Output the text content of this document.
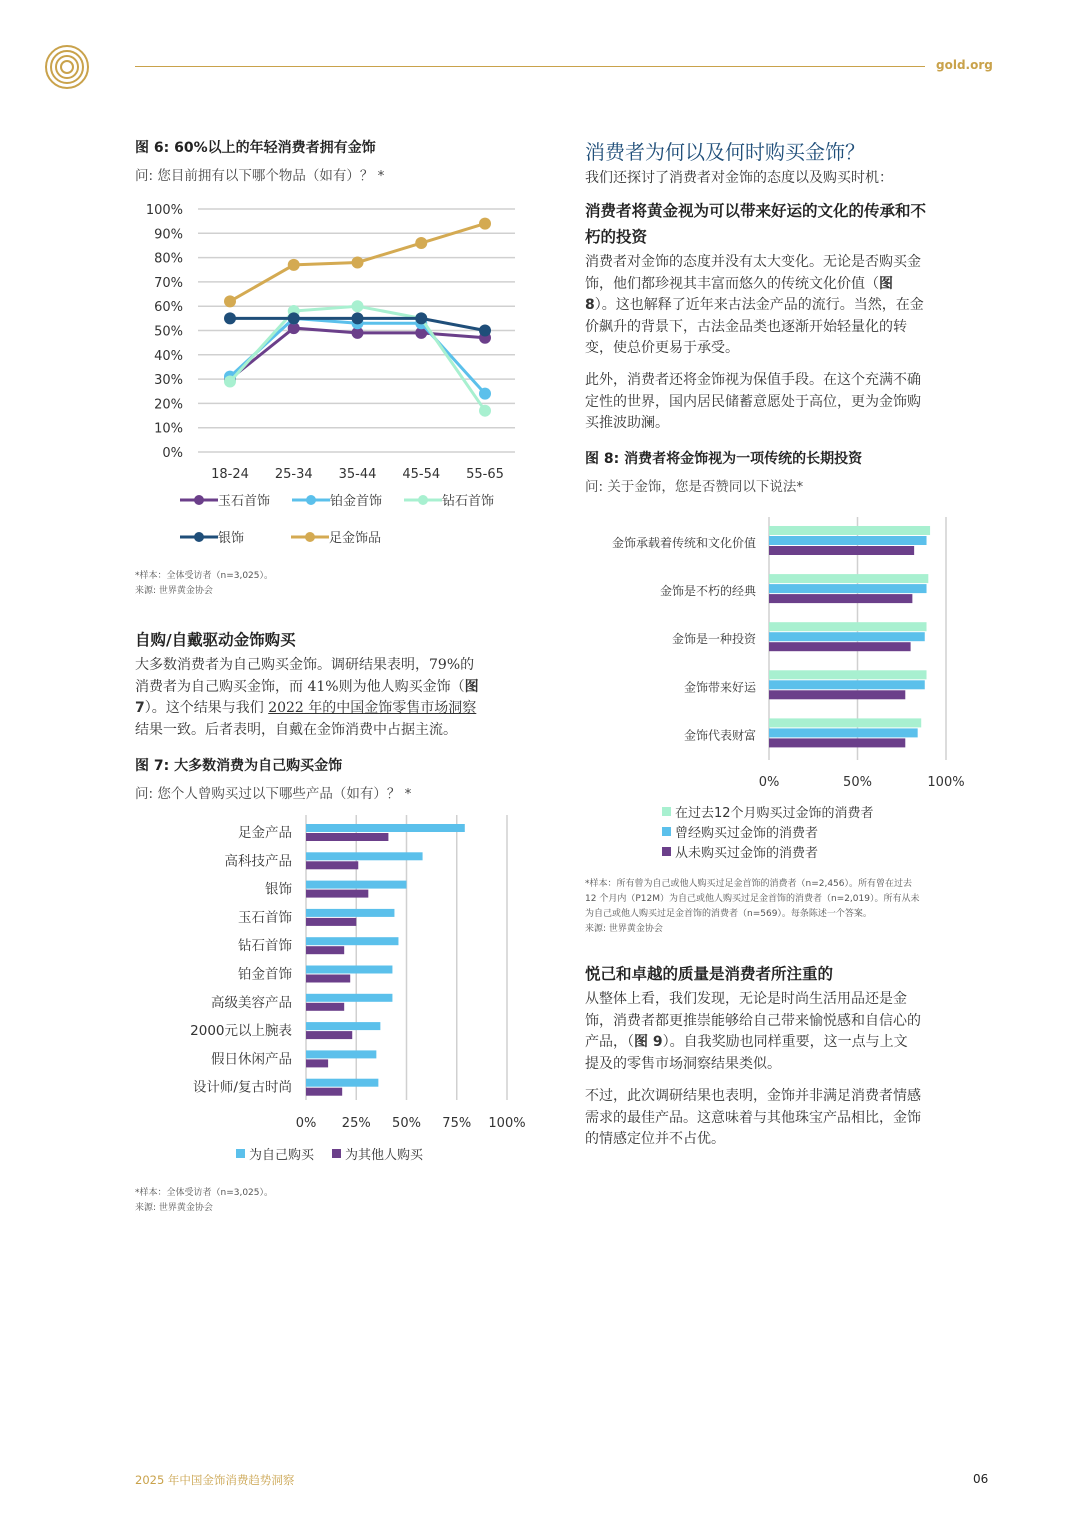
gold.org
图 6: 60%以上的年轻消费者拥有金饰
问: 您目前拥有以下哪个物品（如有）？ *
0%
10%
20%
30%
40%
50%
60%
70%
80%
90%
100%
18-24 25-34 35-44 45-54 55-65
玉石首饰	铂金首饰	钻石首饰
银饰	足金饰品
*样本：全体受访者（n=3,025）。
来源: 世界黄金协会
自购/自戴驱动金饰购买
大多数消费者为自己购买金饰。调研结果表明，79%的
消费者为自己购买金饰，而 41%则为他人购买金饰（图
7）。这个结果与我们 2022 年的中国金饰零售市场洞察
结果一致。后者表明，自戴在金饰消费中占据主流。
图 7: 大多数消费为自己购买金饰
问: 您个人曾购买过以下哪些产品（如有）？ *
0% 25% 50% 75% 100%
足金产品
高科技产品
银饰
玉石首饰
钻石首饰
铂金首饰
高级美容产品
2000元以上腕表
假日休闲产品
设计师/复古时尚
为自己购买 为其他人购买
*样本：全体受访者（n=3,025）。
来源: 世界黄金协会
消费者为何以及何时购买金饰？
我们还探讨了消费者对金饰的态度以及购买时机：
消费者将黄金视为可以带来好运的文化的传承和不
朽的投资
消费者对金饰的态度并没有太大变化。无论是否购买金
饰，他们都珍视其丰富而悠久的传统文化价值（图
8）。这也解释了近年来古法金产品的流行。当然，在金
价飙升的背景下，古法金品类也逐渐开始轻量化的转
变，使总价更易于承受。
此外，消费者还将金饰视为保值手段。在这个充满不确
定性的世界，国内居民储蓄意愿处于高位，更为金饰购
买推波助澜。
图 8: 消费者将金饰视为一项传统的长期投资
问: 关于金饰，您是否赞同以下说法*
0%	50%	100%
金饰承载着传统和文化价值
金饰是不朽的经典
金饰是一种投资
金饰带来好运
金饰代表财富
在过去12个月购买过金饰的消费者
曾经购买过金饰的消费者
从未购买过金饰的消费者
*样本：所有曾为自己或他人购买过足金首饰的消费者（n=2,456）。所有曾在过去
12 个月内（P12M）为自己或他人购买过足金首饰的消费者（n=2,019）。所有从未
为自己或他人购买过足金首饰的消费者（n=569）。每条陈述一个答案。
来源: 世界黄金协会
悦己和卓越的质量是消费者所注重的
从整体上看，我们发现，无论是时尚生活用品还是金
饰，消费者都更推崇能够给自己带来愉悦感和自信心的
产品，（图 9）。自我奖励也同样重要，这一点与上文
提及的零售市场洞察结果类似。
不过，此次调研结果也表明，金饰并非满足消费者情感
需求的最佳产品。这意味着与其他珠宝产品相比，金饰
的情感定位并不占优。
2025 年中国金饰消费趋势洞察	06
